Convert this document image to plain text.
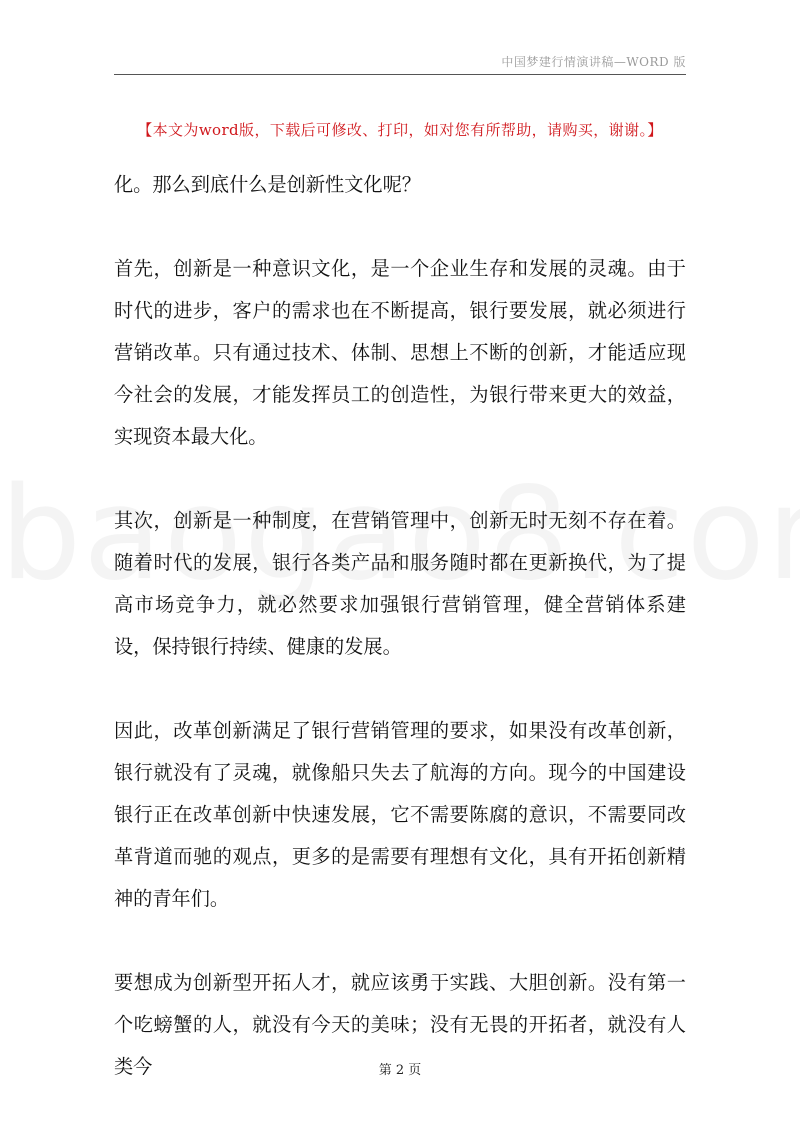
中国梦建行情演讲稿—WORD 版
【本文为word版，下载后可修改、打印，如对您有所帮助，请购买，谢谢。】

化。那么到底什么是创新性文化呢？

首先，创新是一种意识文化，是一个企业生存和发展的灵魂。由于时代的进步，客户的需求也在不断提高，银行要发展，就必须进行营销改革。只有通过技术、体制、思想上不断的创新，才能适应现今社会的发展，才能发挥员工的创造性，为银行带来更大的效益，实现资本最大化。

其次，创新是一种制度，在营销管理中，创新无时无刻不存在着。随着时代的发展，银行各类产品和服务随时都在更新换代，为了提高市场竞争力，就必然要求加强银行营销管理，健全营销体系建设，保持银行持续、健康的发展。

因此，改革创新满足了银行营销管理的要求，如果没有改革创新，银行就没有了灵魂，就像船只失去了航海的方向。现今的中国建设银行正在改革创新中快速发展，它不需要陈腐的意识，不需要同改革背道而驰的观点，更多的是需要有理想有文化，具有开拓创新精神的青年们。

要想成为创新型开拓人才，就应该勇于实践、大胆创新。没有第一个吃螃蟹的人，就没有今天的美味；没有无畏的开拓者，就没有人类今	第 2 页
